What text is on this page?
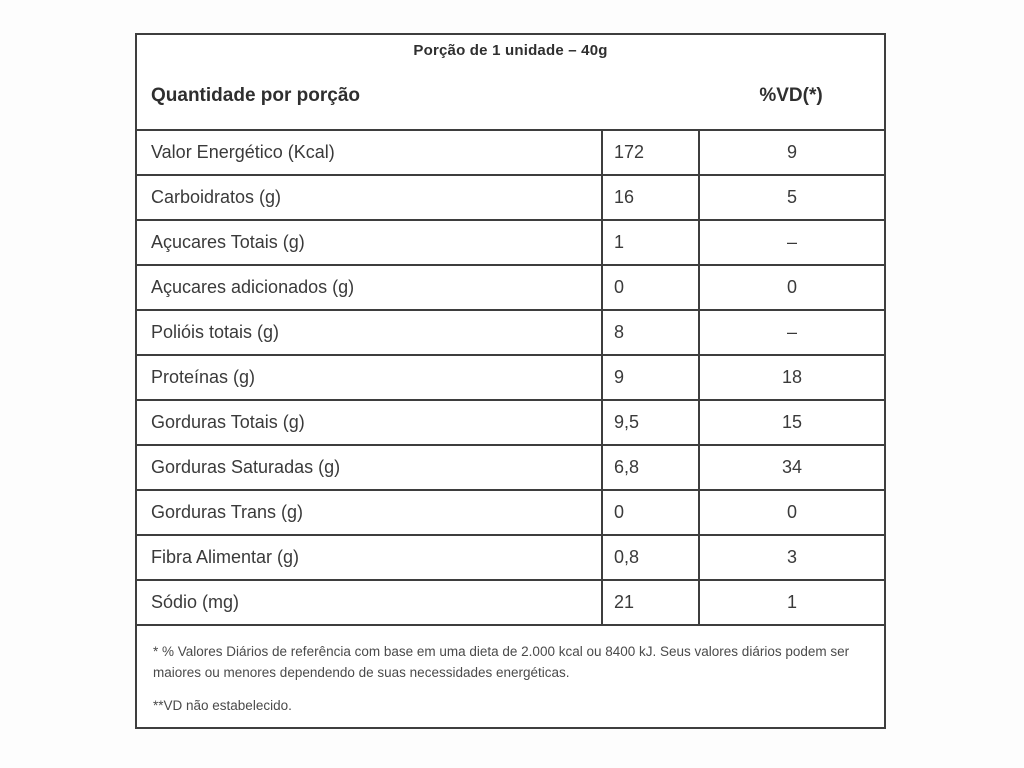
Porção de 1 unidade – 40g
Quantidade por porção	%VD(*)
Valor Energético (Kcal)	172	9
Carboidratos (g)	16	5
Açucares Totais (g)	1	–
Açucares adicionados (g)	0	0
Polióis totais (g)	8	–
Proteínas (g)	9	18
Gorduras Totais (g)	9,5	15
Gorduras Saturadas (g)	6,8	34
Gorduras Trans (g)	0	0
Fibra Alimentar (g)	0,8	3
Sódio (mg)	21	1

* % Valores Diários de referência com base em uma dieta de 2.000 kcal ou 8400 kJ. Seus valores diários podem ser maiores ou menores dependendo de suas necessidades energéticas.

**VD não estabelecido.
